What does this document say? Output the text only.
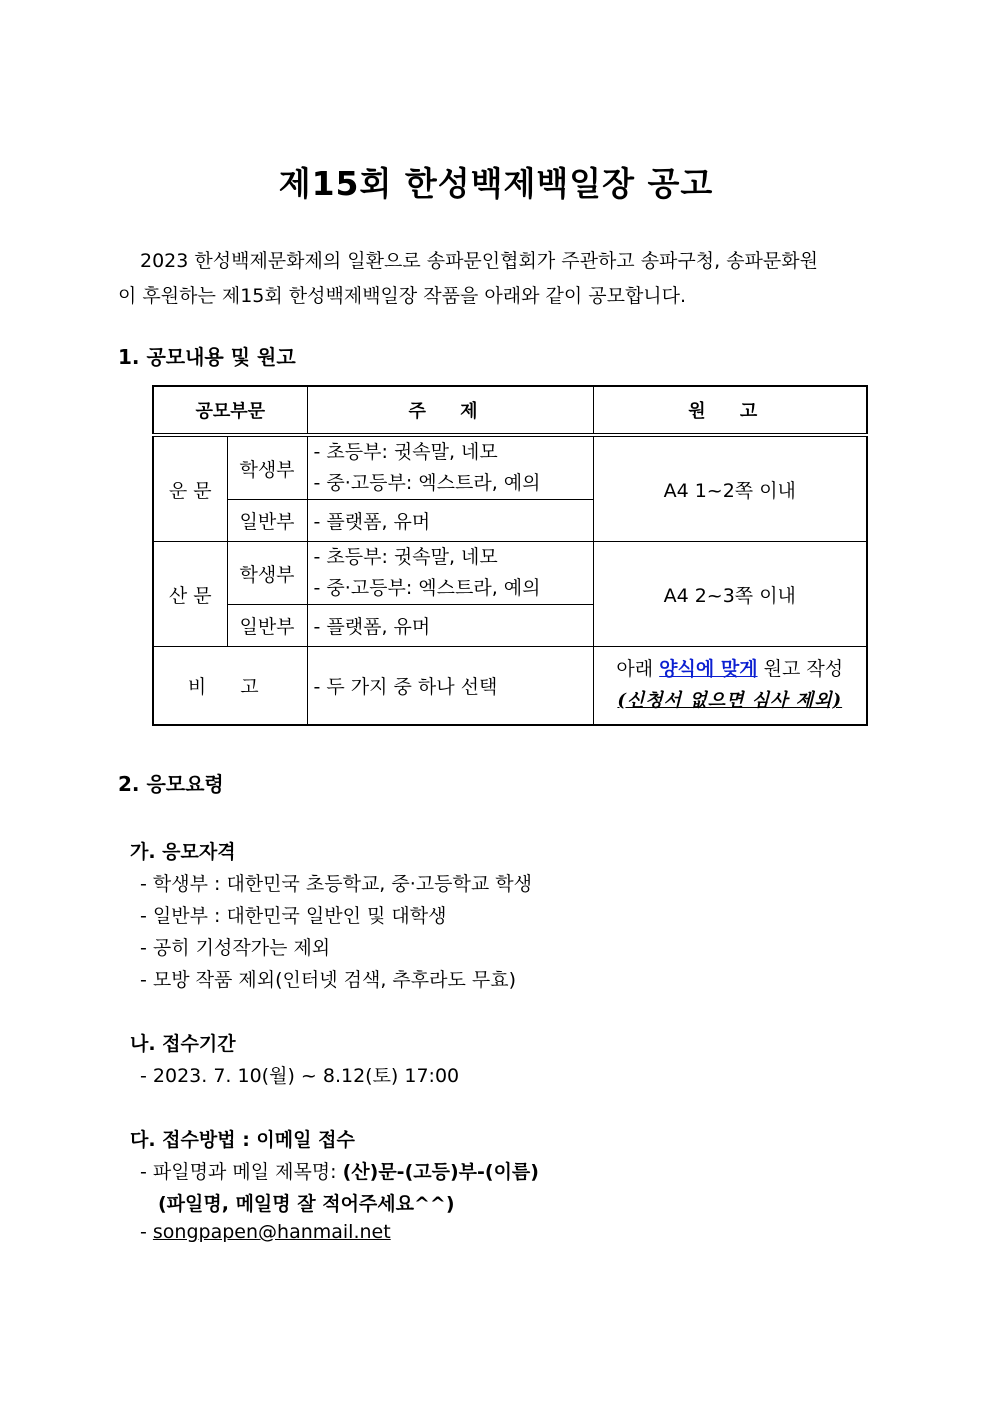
제15회 한성백제백일장 공고
2023 한성백제문화제의 일환으로 송파문인협회가 주관하고 송파구청, 송파문화원
이 후원하는 제15회 한성백제백일장 작품을 아래와 같이 공모합니다.
1. 공모내용 및 원고
공모부문		주 제	원 고
운 문	학생부	- 초등부: 귓속말, 네모
- 중·고등부: 엑스트라, 예의	A4 1~2쪽 이내
	일반부	- 플랫폼, 유머	
산 문	학생부	- 초등부: 귓속말, 네모
- 중·고등부: 엑스트라, 예의	A4 2~3쪽 이내
	일반부	- 플랫폼, 유머	
비 고		- 두 가지 중 하나 선택	아래 양식에 맞게 원고 작성
(신청서 없으면 심사 제외)
2. 응모요령
가. 응모자격
- 학생부 : 대한민국 초등학교, 중·고등학교 학생
- 일반부 : 대한민국 일반인 및 대학생
- 공히 기성작가는 제외
- 모방 작품 제외(인터넷 검색, 추후라도 무효)
나. 접수기간
- 2023. 7. 10(월) ~ 8.12(토) 17:00
다. 접수방법 : 이메일 접수
- 파일명과 메일 제목명: (산)문-(고등)부-(이름)
(파일명, 메일명 잘 적어주세요^^)
- songpapen@hanmail.net
